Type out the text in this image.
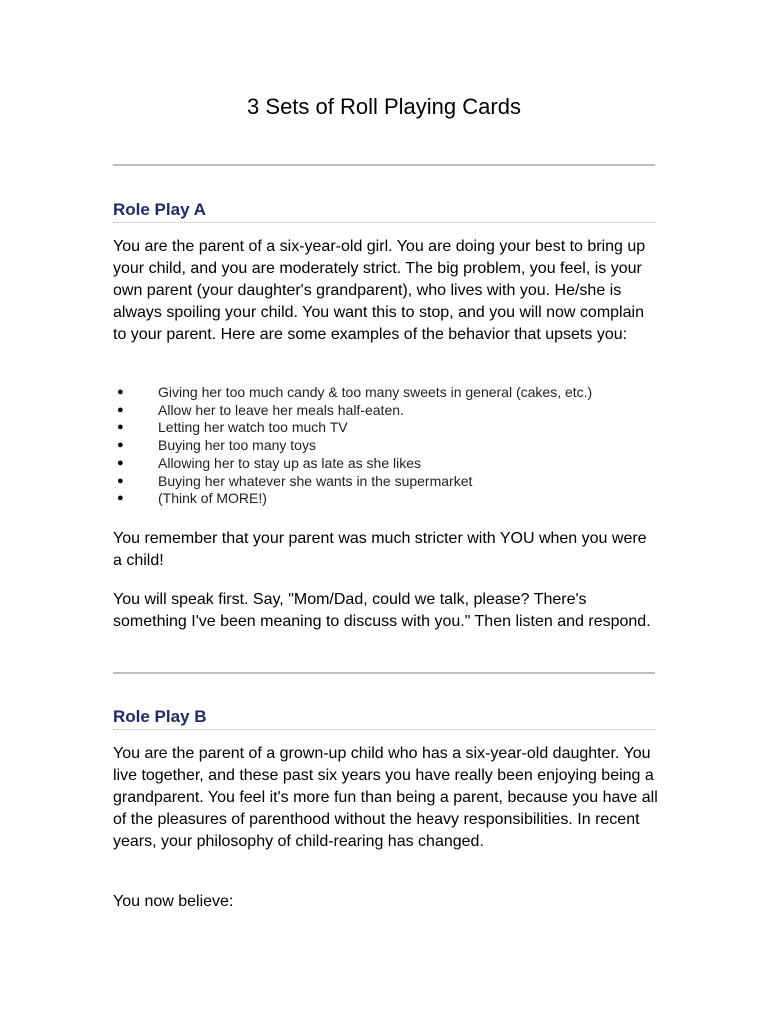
3 Sets of Roll Playing Cards
Role Play A

You are the parent of a six-year-old girl. You are doing your best to bring up your child, and you are moderately strict. The big problem, you feel, is your own parent (your daughter's grandparent), who lives with you. He/she is always spoiling your child. You want this to stop, and you will now complain to your parent. Here are some examples of the behavior that upsets you:

● Giving her too much candy & too many sweets in general (cakes, etc.)
● Allow her to leave her meals half-eaten.
● Letting her watch too much TV
● Buying her too many toys
● Allowing her to stay up as late as she likes
● Buying her whatever she wants in the supermarket
● (Think of MORE!)

You remember that your parent was much stricter with YOU when you were a child!

You will speak first. Say, "Mom/Dad, could we talk, please? There's something I've been meaning to discuss with you." Then listen and respond.

Role Play B

You are the parent of a grown-up child who has a six-year-old daughter. You live together, and these past six years you have really been enjoying being a grandparent. You feel it's more fun than being a parent, because you have all of the pleasures of parenthood without the heavy responsibilities. In recent years, your philosophy of child-rearing has changed.

You now believe:
